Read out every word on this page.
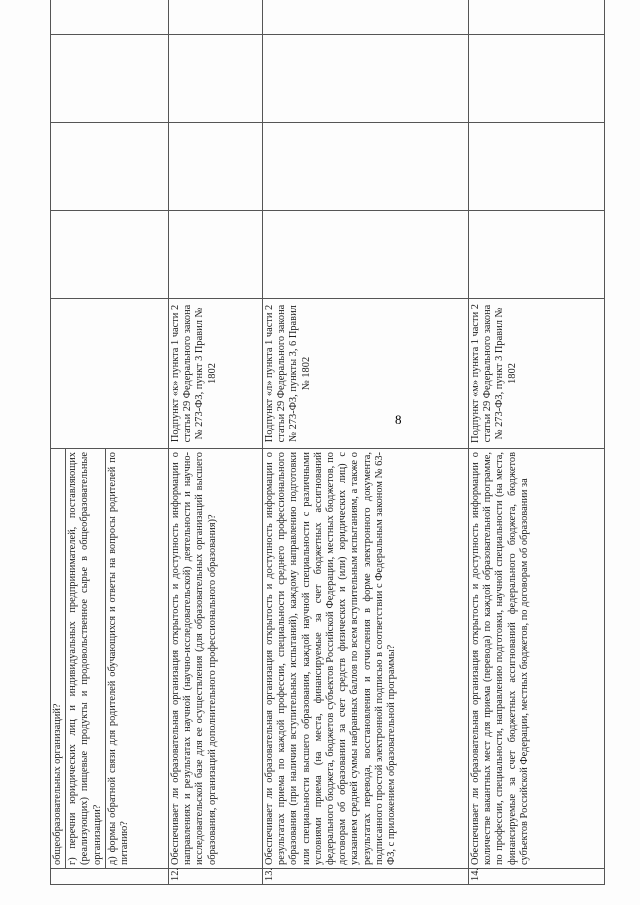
	общеобразовательных организаций? г) перечни юридических лиц и индивидуальных предпринимателей, поставляющих (реализующих) пищевые продукты и продовольственное сырье в общеобразовательные организации? д) формы обратной связи для родителей обучающихся и ответы на вопросы родителей по питанию?					

12.	Обеспечивает ли образовательная организация открытость и доступность информации о направлениях и результатах научной (научно-исследовательской) деятельности и научно-исследовательской базе для ее осуществления (для образовательных организаций высшего образования, организаций дополнительного профессионального образования)?	Подпункт «к» пункта 1 части 2 статьи 29 Федерального закона № 273-ФЗ, пункт 3 Правил № 1802				
13.	Обеспечивает ли образовательная организация открытость и доступность информации о результатах приема по каждой профессии, специальности среднего профессионального образования (при наличии вступительных испытаний), каждому направлению подготовки или специальности высшего образования, каждой научной специальности с различными условиями приема (на места, финансируемые за счет бюджетных ассигнований федерального бюджета, бюджетов субъектов Российской Федерации, местных бюджетов, по договорам об образовании за счет средств физических и (или) юридических лиц) с указанием средней суммы набранных баллов по всем вступительным испытаниям, а также о результатах перевода, восстановления и отчисления в форме электронного документа, подписанного простой электронной подписью в соответствии с Федеральным законом № 63-ФЗ, с приложением образовательной программы?	Подпункт «л» пункта 1 части 2 статьи 29 Федерального закона № 273-ФЗ, пункты 3, 6 Правил № 1802				
14.	Обеспечивает ли образовательная организация открытость и доступность информации о количестве вакантных мест для приема (перевода) по каждой образовательной программе, по профессии, специальности, направлению подготовки, научной специальности (на места, финансируемые за счет бюджетных ассигнований федерального бюджета, бюджетов субъектов Российской Федерации, местных бюджетов, по договорам об образовании за	Подпункт «м» пункта 1 части 2 статьи 29 Федерального закона № 273-ФЗ, пункт 3 Правил № 1802				
8
